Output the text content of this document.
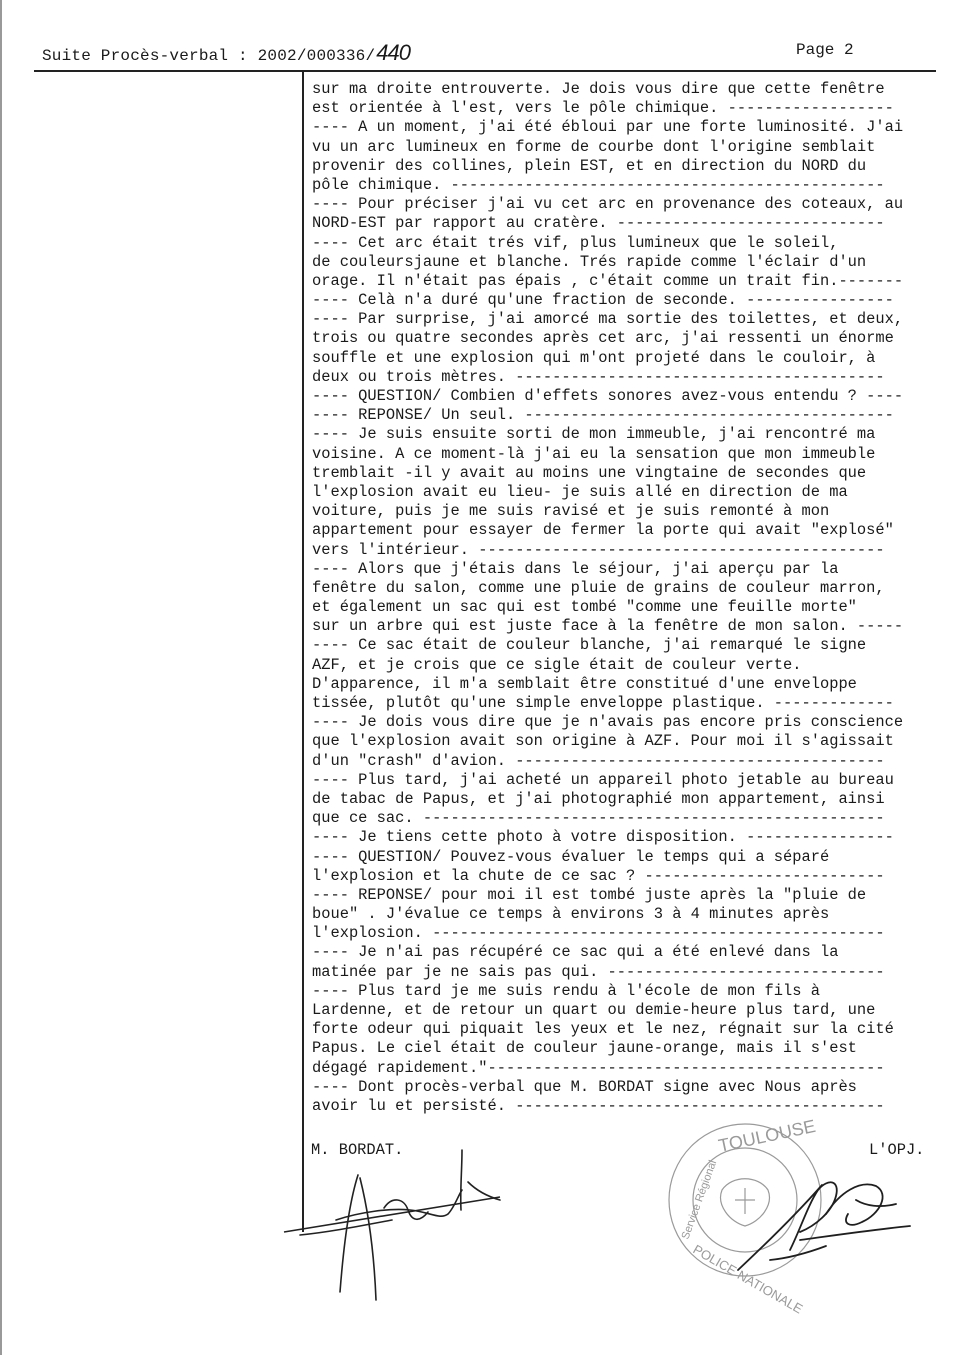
Suite Procès-verbal : 2002/000336/440	Page 2
sur ma droite entrouverte. Je dois vous dire que cette fenêtre
est orientée à l'est, vers le pôle chimique. ------------------
---- A un moment, j'ai été ébloui par une forte luminosité. J'ai
vu un arc lumineux en forme de courbe dont l'origine semblait
provenir des collines, plein EST, et en direction du NORD du
pôle chimique. -----------------------------------------------
---- Pour préciser j'ai vu cet arc en provenance des coteaux, au
NORD-EST par rapport au cratère. -----------------------------
---- Cet arc était trés vif, plus lumineux que le soleil,
de couleursjaune et blanche. Trés rapide comme l'éclair d'un
orage. Il n'était pas épais , c'était comme un trait fin.-------
---- Celà n'a duré qu'une fraction de seconde. ----------------
---- Par surprise, j'ai amorcé ma sortie des toilettes, et deux,
trois ou quatre secondes après cet arc, j'ai ressenti un énorme
souffle et une explosion qui m'ont projeté dans le couloir, à
deux ou trois mètres. ----------------------------------------
---- QUESTION/ Combien d'effets sonores avez-vous entendu ? ----
---- REPONSE/ Un seul. ----------------------------------------
---- Je suis ensuite sorti de mon immeuble, j'ai rencontré ma
voisine. A ce moment-là j'ai eu la sensation que mon immeuble
tremblait -il y avait au moins une vingtaine de secondes que
l'explosion avait eu lieu- je suis allé en direction de ma
voiture, puis je me suis ravisé et je suis remonté à mon
appartement pour essayer de fermer la porte qui avait "explosé"
vers l'intérieur. --------------------------------------------
---- Alors que j'étais dans le séjour, j'ai aperçu par la
fenêtre du salon, comme une pluie de grains de couleur marron,
et également un sac qui est tombé "comme une feuille morte"
sur un arbre qui est juste face à la fenêtre de mon salon. -----
---- Ce sac était de couleur blanche, j'ai remarqué le signe
AZF, et je crois que ce sigle était de couleur verte.
D'apparence, il m'a semblait être constitué d'une enveloppe
tissée, plutôt qu'une simple enveloppe plastique. -------------
---- Je dois vous dire que je n'avais pas encore pris conscience
que l'explosion avait son origine à AZF. Pour moi il s'agissait
d'un "crash" d'avion. ----------------------------------------
---- Plus tard, j'ai acheté un appareil photo jetable au bureau
de tabac de Papus, et j'ai photographié mon appartement, ainsi
que ce sac. --------------------------------------------------
---- Je tiens cette photo à votre disposition. ----------------
---- QUESTION/ Pouvez-vous évaluer le temps qui a séparé
l'explosion et la chute de ce sac ? --------------------------
---- REPONSE/ pour moi il est tombé juste après la "pluie de
boue" . J'évalue ce temps à environs 3 à 4 minutes après
l'explosion. -------------------------------------------------
---- Je n'ai pas récupéré ce sac qui a été enlevé dans la
matinée par je ne sais pas qui. ------------------------------
---- Plus tard je me suis rendu à l'école de mon fils à
Lardenne, et de retour un quart ou demie-heure plus tard, une
forte odeur qui piquait les yeux et le nez, régnait sur la cité
Papus. Le ciel était de couleur jaune-orange, mais il s'est
dégagé rapidement."-------------------------------------------
---- Dont procès-verbal que M. BORDAT signe avec Nous après
avoir lu et persisté. ----------------------------------------
M. BORDAT.	L'OPJ.
TOULOUSE
Service Régional
POLICE NATIONALE
